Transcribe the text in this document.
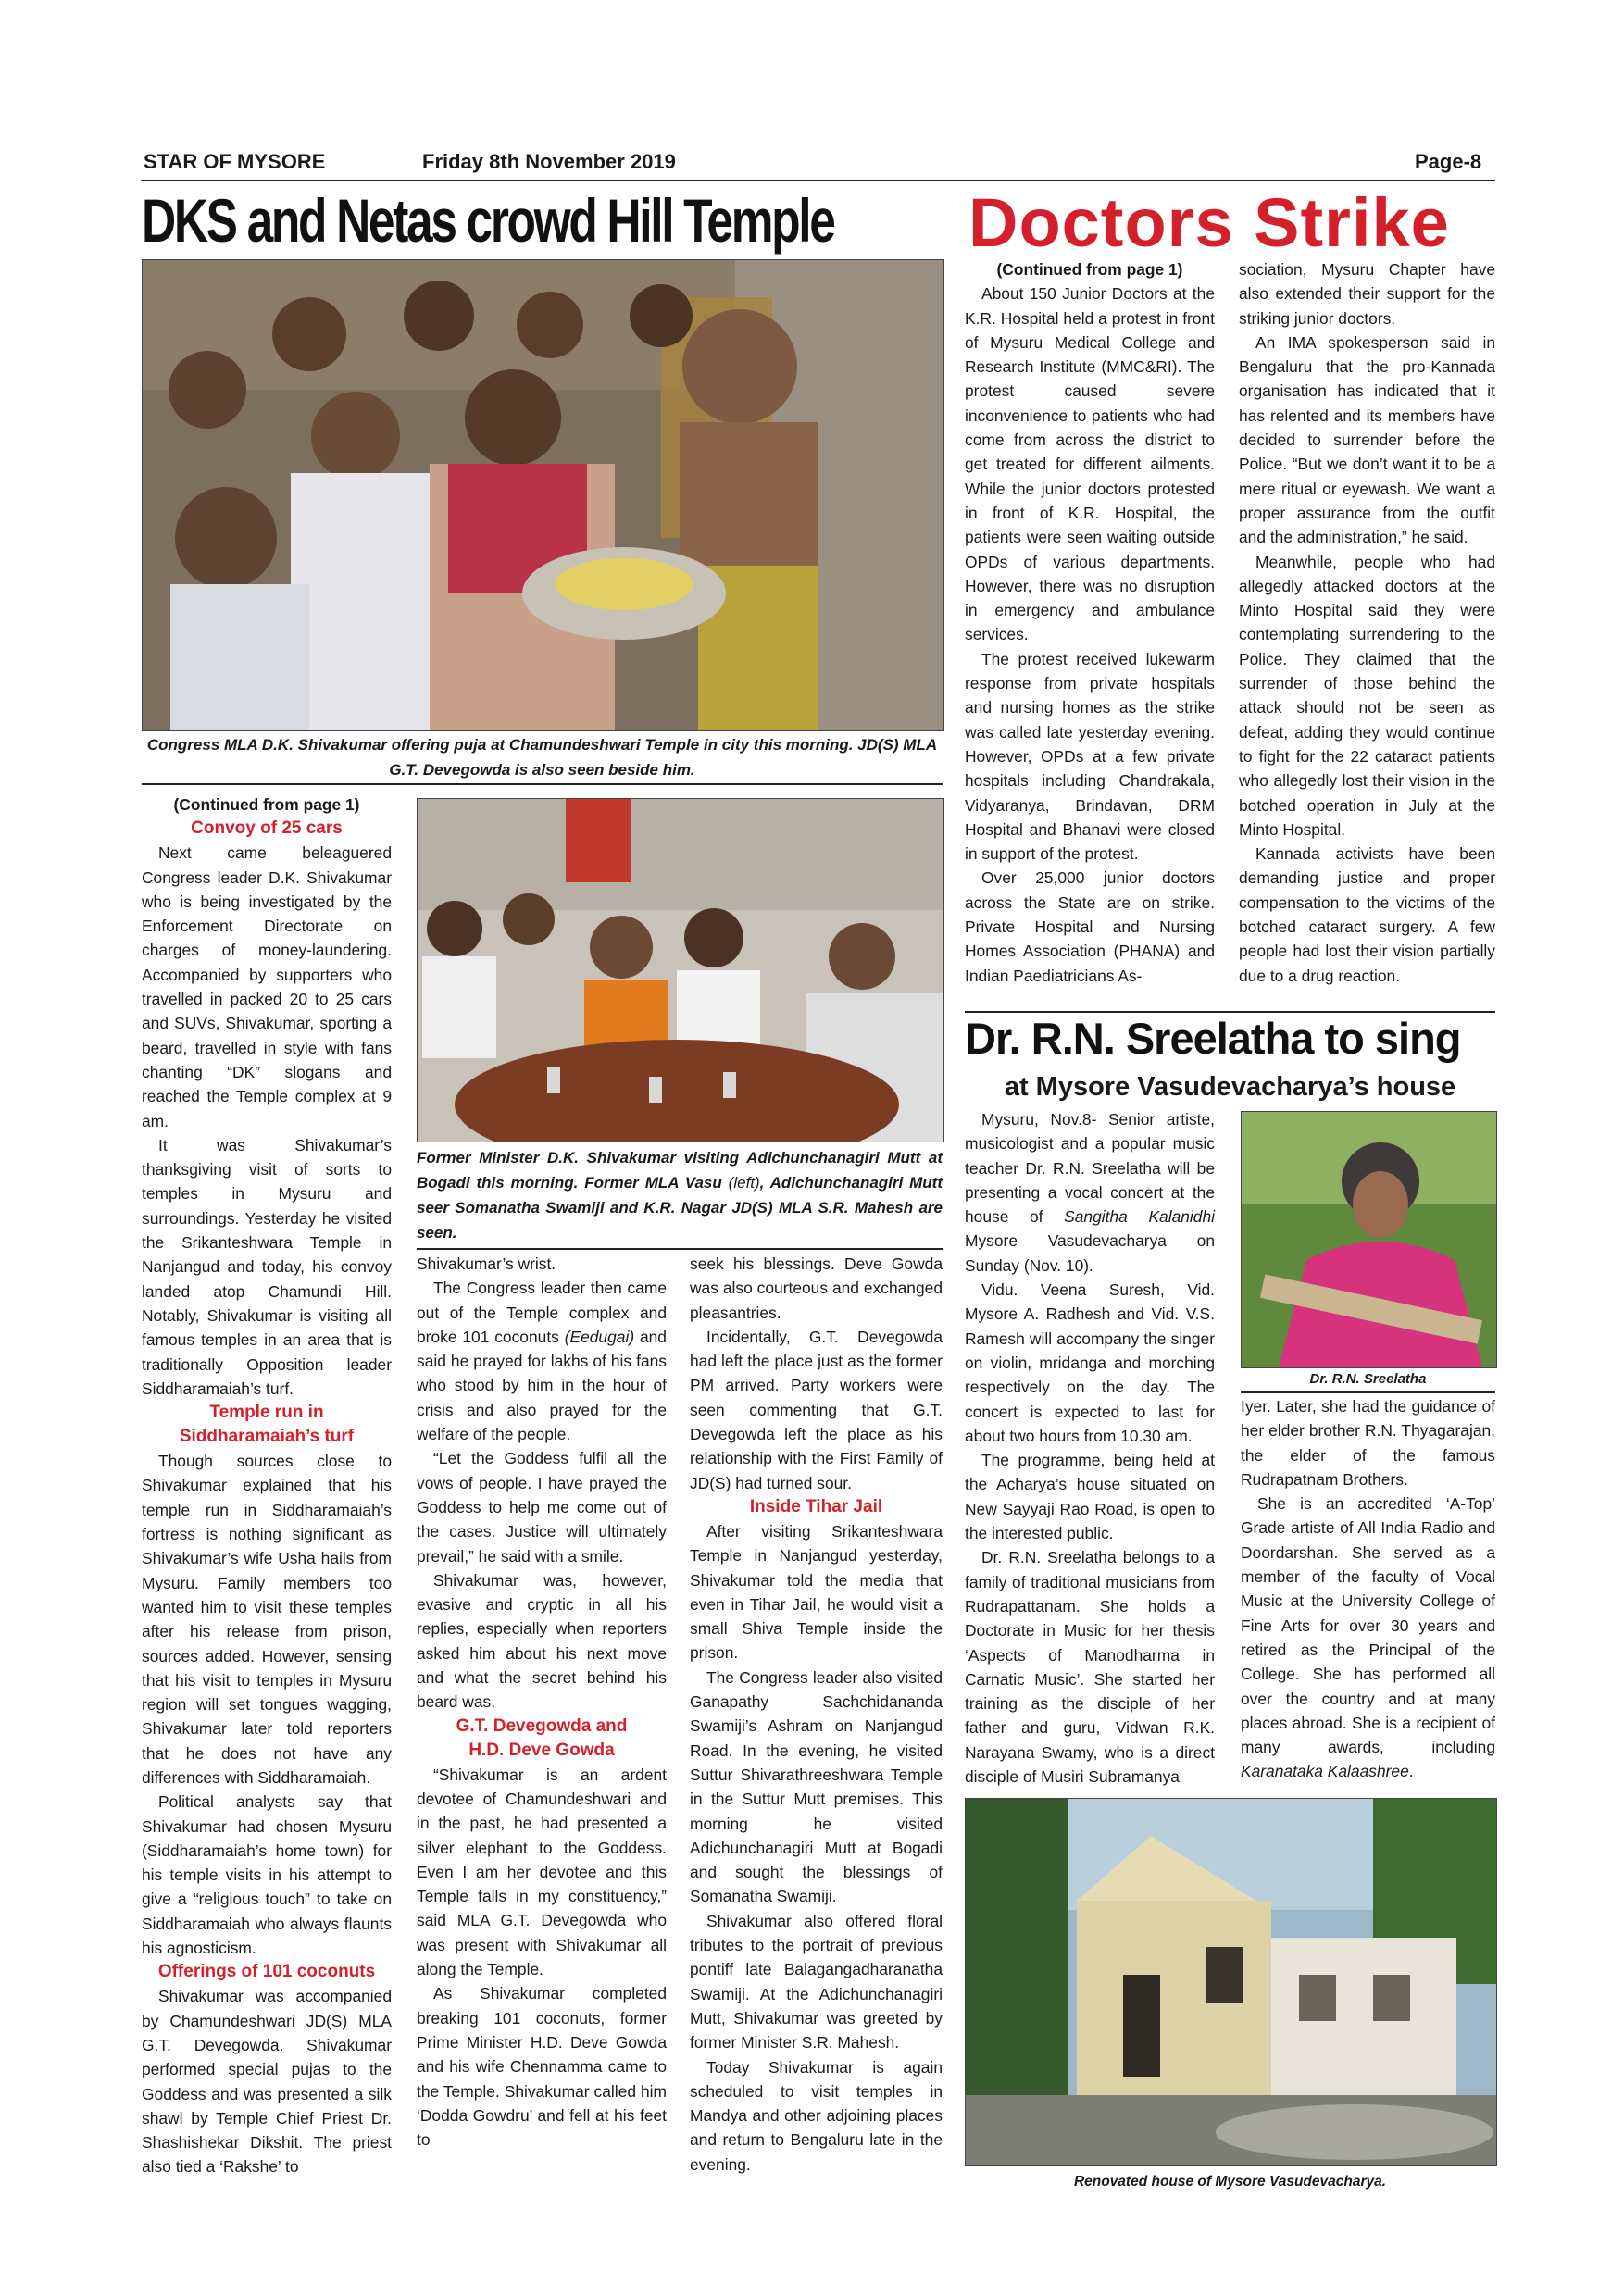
STAR OF MYSORE	Friday 8th November 2019	Page-8
DKS and Netas crowd Hill Temple Doctors Strike
Congress MLA D.K. Shivakumar offering puja at Chamundeshwari Temple in city this morning. JD(S) MLA G.T. Devegowda is also seen beside him.
Former Minister D.K. Shivakumar visiting Adichunchanagiri Mutt at Bogadi this morning. Former MLA Vasu (left), Adichunchanagiri Mutt seer Somanatha Swamiji and K.R. Nagar JD(S) MLA S.R. Mahesh are seen.

(Continued from page 1)

Convoy of 25 cars

Next came beleaguered Congress leader D.K. Shivakumar who is being investigated by the Enforcement Directorate on charges of money-laundering. Accompanied by supporters who travelled in packed 20 to 25 cars and SUVs, Shivakumar, sporting a beard, travelled in style with fans chanting “DK” slogans and reached the Temple complex at 9 am.

It was Shivakumar’s thanksgiving visit of sorts to temples in Mysuru and surroundings. Yesterday he visited the Srikanteshwara Temple in Nanjangud and today, his convoy landed atop Chamundi Hill. Notably, Shivakumar is visiting all famous temples in an area that is traditionally Opposition leader Siddharamaiah’s turf.

Temple run in
Siddharamaiah’s turf

Though sources close to Shivakumar explained that his temple run in Siddharamaiah’s fortress is nothing significant as Shivakumar’s wife Usha hails from Mysuru. Family members too wanted him to visit these temples after his release from prison, sources added. However, sensing that his visit to temples in Mysuru region will set tongues wagging, Shivakumar later told reporters that he does not have any differences with Siddharamaiah.

Political analysts say that Shivakumar had chosen Mysuru (Siddharamaiah’s home town) for his temple visits in his attempt to give a “religious touch” to take on Siddharamaiah who always flaunts his agnosticism.

Offerings of 101 coconuts

Shivakumar was accompanied by Chamundeshwari JD(S) MLA G.T. Devegowda. Shivakumar performed special pujas to the Goddess and was presented a silk shawl by Temple Chief Priest Dr. Shashishekar Dikshit. The priest also tied a ‘Rakshe’ to

Shivakumar’s wrist.

The Congress leader then came out of the Temple complex and broke 101 coconuts (Eedugai) and said he prayed for lakhs of his fans who stood by him in the hour of crisis and also prayed for the welfare of the people.

“Let the Goddess fulfil all the vows of people. I have prayed the Goddess to help me come out of the cases. Justice will ultimately prevail,” he said with a smile.

Shivakumar was, however, evasive and cryptic in all his replies, especially when reporters asked him about his next move and what the secret behind his beard was.

G.T. Devegowda and
H.D. Deve Gowda

“Shivakumar is an ardent devotee of Chamundeshwari and in the past, he had presented a silver elephant to the Goddess. Even I am her devotee and this Temple falls in my constituency,” said MLA G.T. Devegowda who was present with Shivakumar all along the Temple.

As Shivakumar completed breaking 101 coconuts, former Prime Minister H.D. Deve Gowda and his wife Chennamma came to the Temple. Shivakumar called him ‘Dodda Gowdru’ and fell at his feet to

seek his blessings. Deve Gowda was also courteous and exchanged pleasantries.

Incidentally, G.T. Devegowda had left the place just as the former PM arrived. Party workers were seen commenting that G.T. Devegowda left the place as his relationship with the First Family of JD(S) had turned sour.

Inside Tihar Jail

After visiting Srikanteshwara Temple in Nanjangud yesterday, Shivakumar told the media that even in Tihar Jail, he would visit a small Shiva Temple inside the prison.

The Congress leader also visited Ganapathy Sachchidananda Swamiji’s Ashram on Nanjangud Road. In the evening, he visited Suttur Shivarathreeshwara Temple in the Suttur Mutt premises. This morning he visited Adichunchanagiri Mutt at Bogadi and sought the blessings of Somanatha Swamiji.

Shivakumar also offered floral tributes to the portrait of previous pontiff late Balagangadharanatha Swamiji. At the Adichunchanagiri Mutt, Shivakumar was greeted by former Minister S.R. Mahesh.

Today Shivakumar is again scheduled to visit temples in Mandya and other adjoining places and return to Bengaluru late in the evening.

(Continued from page 1)

About 150 Junior Doctors at the K.R. Hospital held a protest in front of Mysuru Medical College and Research Institute (MMC&RI). The protest caused severe inconvenience to patients who had come from across the district to get treated for different ailments. While the junior doctors protested in front of K.R. Hospital, the patients were seen waiting outside OPDs of various departments. However, there was no disruption in emergency and ambulance services.

The protest received lukewarm response from private hospitals and nursing homes as the strike was called late yesterday evening. However, OPDs at a few private hospitals including Chandrakala, Vidyaranya, Brindavan, DRM Hospital and Bhanavi were closed in support of the protest.

Over 25,000 junior doctors across the State are on strike. Private Hospital and Nursing Homes Association (PHANA) and Indian Paediatricians As-

sociation, Mysuru Chapter have also extended their support for the striking junior doctors.

An IMA spokesperson said in Bengaluru that the pro-Kannada organisation has indicated that it has relented and its members have decided to surrender before the Police. “But we don’t want it to be a mere ritual or eyewash. We want a proper assurance from the outfit and the administration,” he said.

Meanwhile, people who had allegedly attacked doctors at the Minto Hospital said they were contemplating surrendering to the Police. They claimed that the surrender of those behind the attack should not be seen as defeat, adding they would continue to fight for the 22 cataract patients who allegedly lost their vision in the botched operation in July at the Minto Hospital.

Kannada activists have been demanding justice and proper compensation to the victims of the botched cataract surgery. A few people had lost their vision partially due to a drug reaction.

Dr. R.N. Sreelatha to sing
at Mysore Vasudevacharya’s house

Mysuru, Nov.8- Senior artiste, musicologist and a popular music teacher Dr. R.N. Sreelatha will be presenting a vocal concert at the house of Sangitha Kalanidhi Mysore Vasudevacharya on Sunday (Nov. 10).

Vidu. Veena Suresh, Vid. Mysore A. Radhesh and Vid. V.S. Ramesh will accompany the singer on violin, mridanga and morching respectively on the day. The concert is expected to last for about two hours from 10.30 am.

The programme, being held at the Acharya’s house situated on New Sayyaji Rao Road, is open to the interested public.

Dr. R.N. Sreelatha belongs to a family of traditional musicians from Rudrapattanam. She holds a Doctorate in Music for her thesis ‘Aspects of Manodharma in Carnatic Music’. She started her training as the disciple of her father and guru, Vidwan R.K. Narayana Swamy, who is a direct disciple of Musiri Subramanya

Dr. R.N. Sreelatha

Iyer. Later, she had the guidance of her elder brother R.N. Thyagarajan, the elder of the famous Rudrapatnam Brothers.

She is an accredited ‘A-Top’ Grade artiste of All India Radio and Doordarshan. She served as a member of the faculty of Vocal Music at the University College of Fine Arts for over 30 years and retired as the Principal of the College. She has performed all over the country and at many places abroad. She is a recipient of many awards, including Karanataka Kalaashree.

Renovated house of Mysore Vasudevacharya.
